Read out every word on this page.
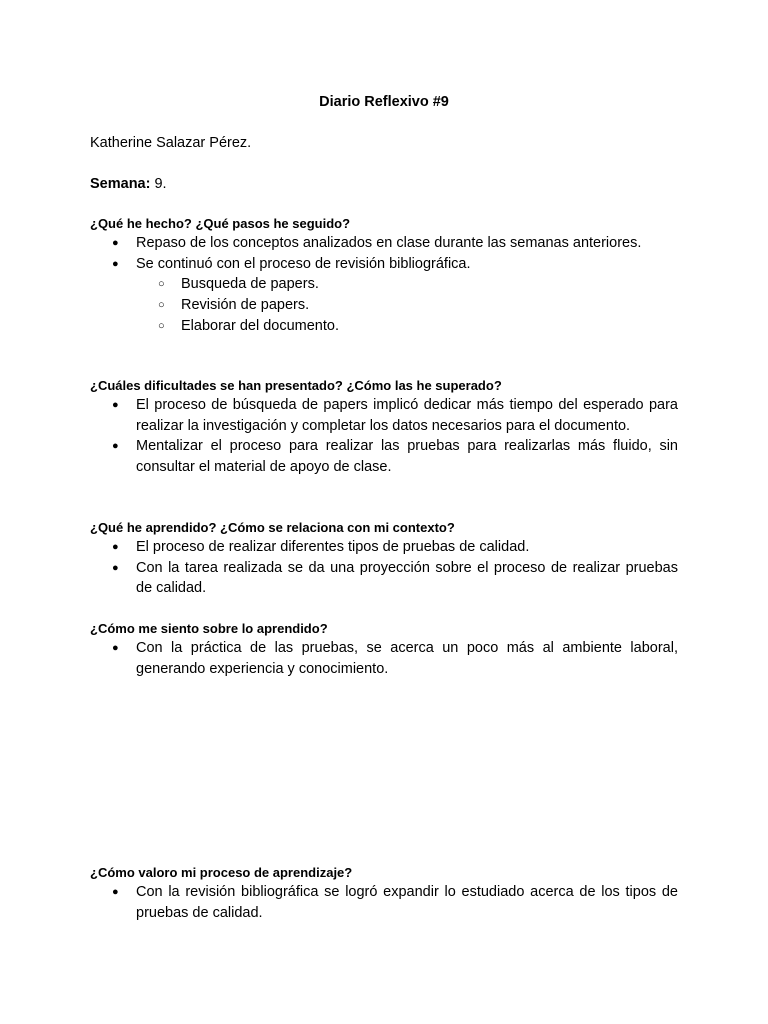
Diario Reflexivo #9
Katherine Salazar Pérez.
Semana: 9.

¿Qué he hecho? ¿Qué pasos he seguido?

● Repaso de los conceptos analizados en clase durante las semanas anteriores.
● Se continuó con el proceso de revisión bibliográfica.
○ Busqueda de papers.
○ Revisión de papers.
○ Elaborar del documento.

¿Cuáles dificultades se han presentado? ¿Cómo las he superado?

● El proceso de búsqueda de papers implicó dedicar más tiempo del esperado para realizar la investigación y completar los datos necesarios para el documento.
● Mentalizar el proceso para realizar las pruebas para realizarlas más fluido, sin consultar el material de apoyo de clase.

¿Qué he aprendido? ¿Cómo se relaciona con mi contexto?

● El proceso de realizar diferentes tipos de pruebas de calidad.
● Con la tarea realizada se da una proyección sobre el proceso de realizar pruebas de calidad.

¿Cómo me siento sobre lo aprendido?

● Con la práctica de las pruebas, se acerca un poco más al ambiente laboral, generando experiencia y conocimiento.

¿Cómo valoro mi proceso de aprendizaje?

● Con la revisión bibliográfica se logró expandir lo estudiado acerca de los tipos de pruebas de calidad.
